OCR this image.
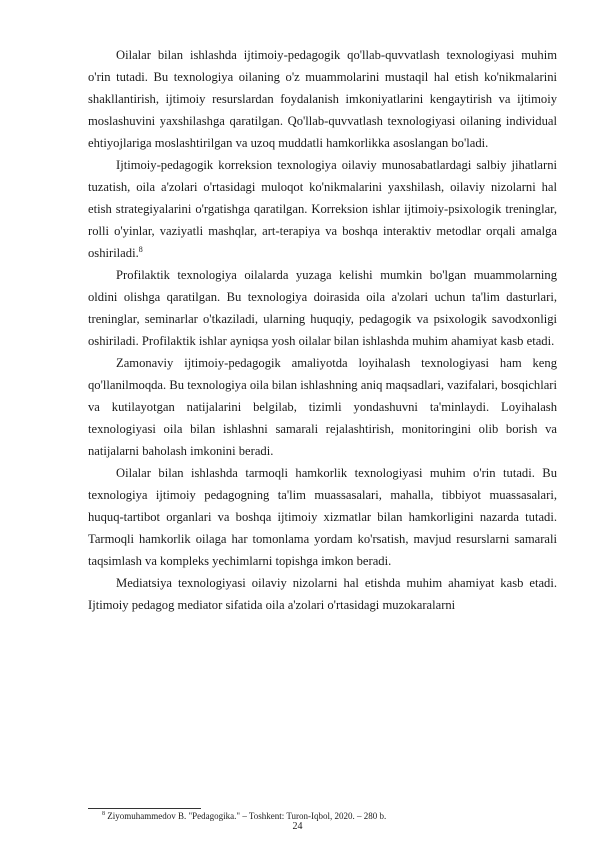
Oilalar bilan ishlashda ijtimoiy-pedagogik qo'llab-quvvatlash texnologiyasi muhim o'rin tutadi. Bu texnologiya oilaning o'z muammolarini mustaqil hal etish ko'nikmalarini shakllantirish, ijtimoiy resurslardan foydalanish imkoniyatlarini kengaytirish va ijtimoiy moslashuvini yaxshilashga qaratilgan. Qo'llab-quvvatlash texnologiyasi oilaning individual ehtiyojlariga moslashtirilgan va uzoq muddatli hamkorlikka asoslangan bo'ladi.

Ijtimoiy-pedagogik korreksion texnologiya oilaviy munosabatlardagi salbiy jihatlarni tuzatish, oila a'zolari o'rtasidagi muloqot ko'nikmalarini yaxshilash, oilaviy nizolarni hal etish strategiyalarini o'rgatishga qaratilgan. Korreksion ishlar ijtimoiy-psixologik treninglar, rolli o'yinlar, vaziyatli mashqlar, art-terapiya va boshqa interaktiv metodlar orqali amalga oshiriladi.$^8$

Profilaktik texnologiya oilalarda yuzaga kelishi mumkin bo'lgan muammolarning oldini olishga qaratilgan. Bu texnologiya doirasida oila a'zolari uchun ta'lim dasturlari, treninglar, seminarlar o'tkaziladi, ularning huquqiy, pedagogik va psixologik savodxonligi oshiriladi. Profilaktik ishlar ayniqsa yosh oilalar bilan ishlashda muhim ahamiyat kasb etadi.

Zamonaviy ijtimoiy-pedagogik amaliyotda loyihalash texnologiyasi ham keng qo'llanilmoqda. Bu texnologiya oila bilan ishlashning aniq maqsadlari, vazifalari, bosqichlari va kutilayotgan natijalarini belgilab, tizimli yondashuvni ta'minlaydi. Loyihalash texnologiyasi oila bilan ishlashni samarali rejalashtirish, monitoringini olib borish va natijalarni baholash imkonini beradi.

Oilalar bilan ishlashda tarmoqli hamkorlik texnologiyasi muhim o'rin tutadi. Bu texnologiya ijtimoiy pedagogning ta'lim muassasalari, mahalla, tibbiyot muassasalari, huquq-tartibot organlari va boshqa ijtimoiy xizmatlar bilan hamkorligini nazarda tutadi. Tarmoqli hamkorlik oilaga har tomonlama yordam ko'rsatish, mavjud resurslarni samarali taqsimlash va kompleks yechimlarni topishga imkon beradi.

Mediatsiya texnologiyasi oilaviy nizolarni hal etishda muhim ahamiyat kasb etadi. Ijtimoiy pedagog mediator sifatida oila a'zolari o'rtasidagi muzokaralarni

$^8$ Ziyomuhammedov B. "Pedagogika." – Toshkent: Turon-Iqbol, 2020. – 280 b.
24
